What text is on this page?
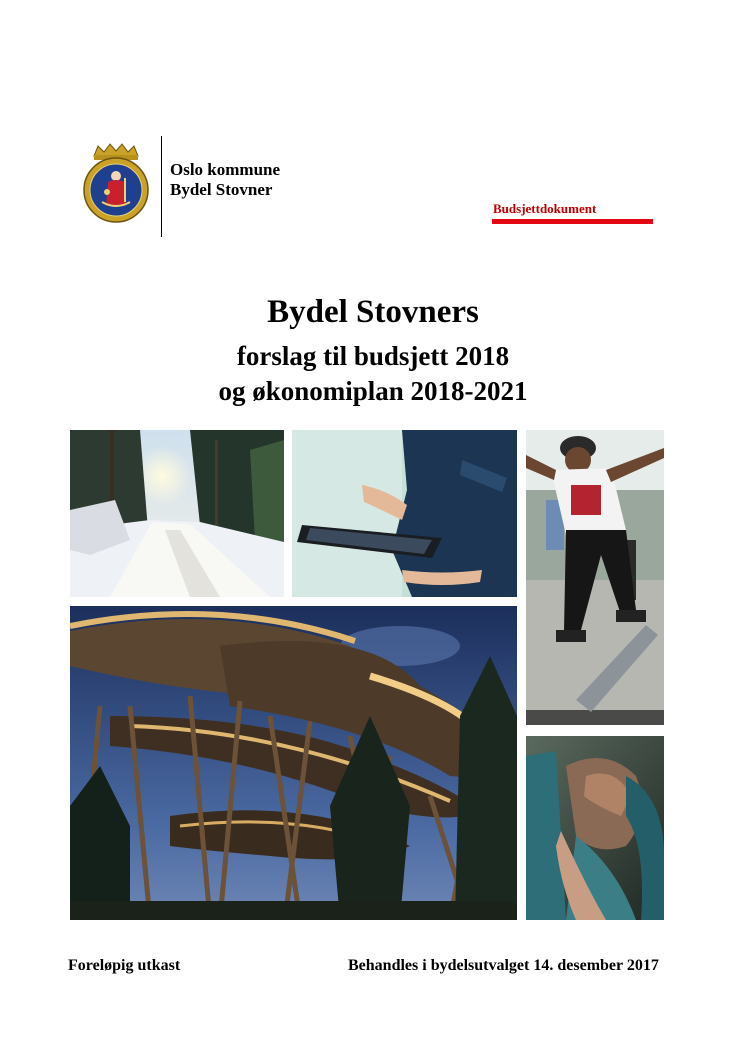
Oslo kommune
Bydel Stovner
Budsjettdokument
Bydel Stovners
forslag til budsjett 2018
og økonomiplan 2018-2021
Foreløpig utkast	Behandles i bydelsutvalget 14. desember 2017
